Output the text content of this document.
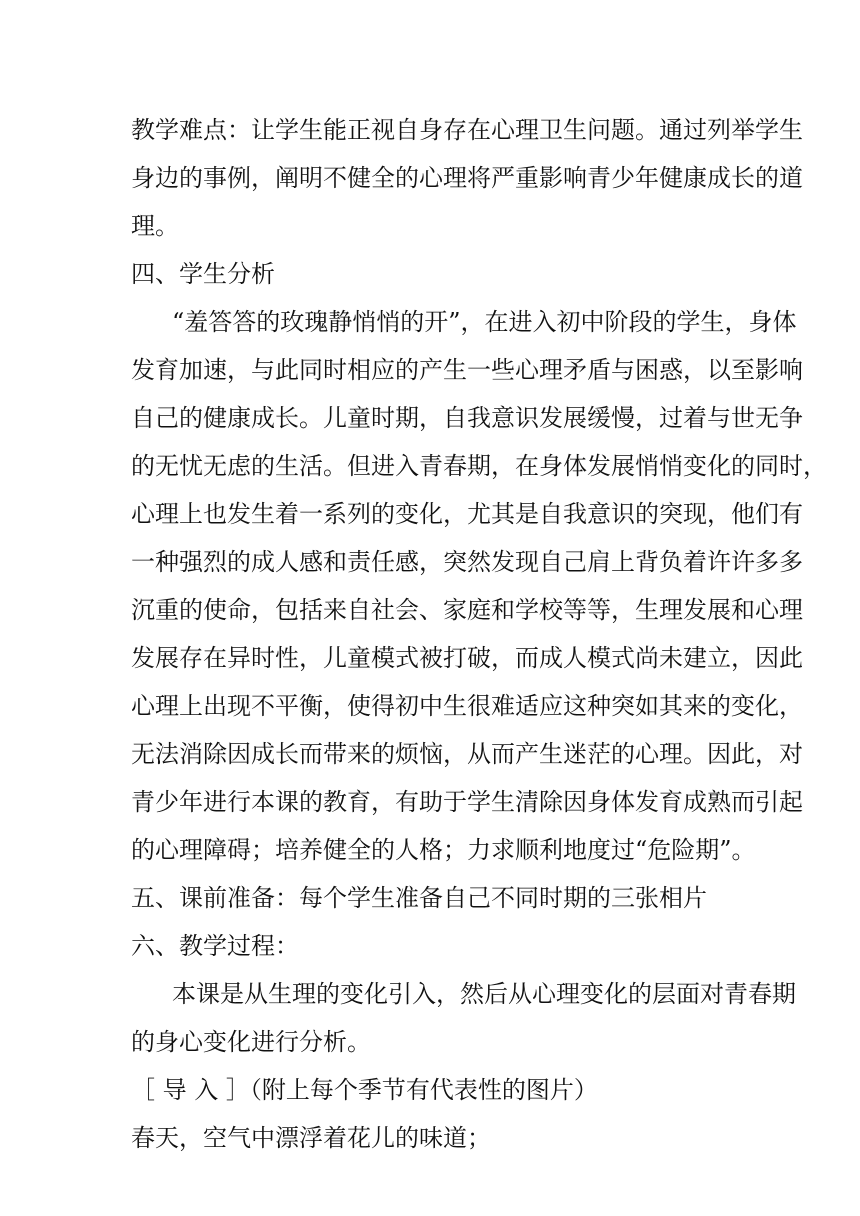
教学难点：让学生能正视自身存在心理卫生问题。通过列举学生
身边的事例，阐明不健全的心理将严重影响青少年健康成长的道
理。
四、学生分析
“羞答答的玫瑰静悄悄的开”，在进入初中阶段的学生，身体
发育加速，与此同时相应的产生一些心理矛盾与困惑，以至影响
自己的健康成长。儿童时期，自我意识发展缓慢，过着与世无争
的无忧无虑的生活。但进入青春期，在身体发展悄悄变化的同时，
心理上也发生着一系列的变化，尤其是自我意识的突现，他们有
一种强烈的成人感和责任感，突然发现自己肩上背负着许许多多
沉重的使命，包括来自社会、家庭和学校等等，生理发展和心理
发展存在异时性，儿童模式被打破，而成人模式尚未建立，因此
心理上出现不平衡，使得初中生很难适应这种突如其来的变化，
无法消除因成长而带来的烦恼，从而产生迷茫的心理。因此，对
青少年进行本课的教育，有助于学生清除因身体发育成熟而引起
的心理障碍；培养健全的人格；力求顺利地度过“危险期”。
五、课前准备：每个学生准备自己不同时期的三张相片
六、教学过程：
本课是从生理的变化引入，然后从心理变化的层面对青春期
的身心变化进行分析。
［ 导 入 ］（附上每个季节有代表性的图片）
春天，空气中漂浮着花儿的味道；
